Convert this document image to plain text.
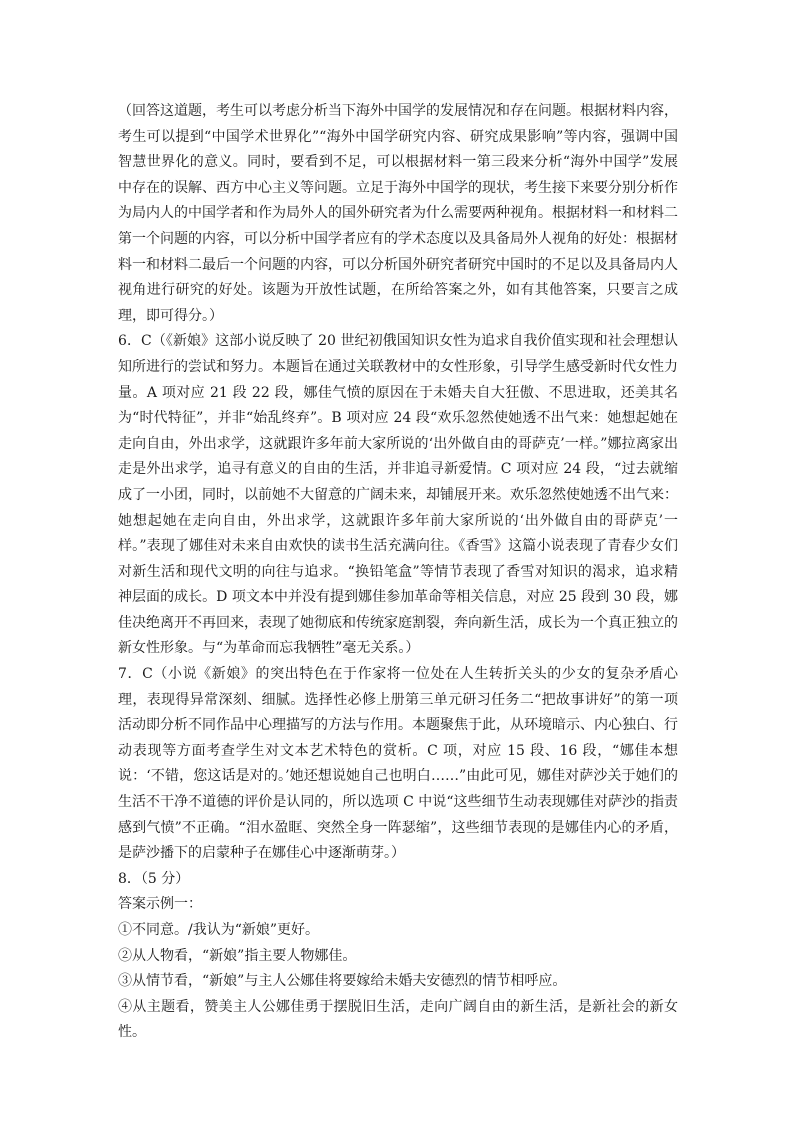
（回答这道题，考生可以考虑分析当下海外中国学的发展情况和存在问题。根据材料内容，考生可以提到“中国学术世界化”“海外中国学研究内容、研究成果影响”等内容，强调中国智慧世界化的意义。同时，要看到不足，可以根据材料一第三段来分析“海外中国学”发展中存在的误解、西方中心主义等问题。立足于海外中国学的现状，考生接下来要分别分析作为局内人的中国学者和作为局外人的国外研究者为什么需要两种视角。根据材料一和材料二第一个问题的内容，可以分析中国学者应有的学术态度以及具备局外人视角的好处：根据材料一和材料二最后一个问题的内容，可以分析国外研究者研究中国时的不足以及具备局内人视角进行研究的好处。该题为开放性试题，在所给答案之外，如有其他答案，只要言之成理，即可得分。）

6．C（《新娘》这部小说反映了 20 世纪初俄国知识女性为追求自我价值实现和社会理想认知所进行的尝试和努力。本题旨在通过关联教材中的女性形象，引导学生感受新时代女性力量。A 项对应 21 段 22 段，娜佳气愤的原因在于未婚夫自大狂傲、不思进取，还美其名为“时代特征”，并非“始乱终弃”。B 项对应 24 段“欢乐忽然使她透不出气来：她想起她在走向自由，外出求学，这就跟许多年前大家所说的‘出外做自由的哥萨克’一样。”娜拉离家出走是外出求学，追寻有意义的自由的生活，并非追寻新爱情。C 项对应 24 段，“过去就缩成了一小团，同时，以前她不大留意的广阔未来，却铺展开来。欢乐忽然使她透不出气来：她想起她在走向自由，外出求学，这就跟许多年前大家所说的‘出外做自由的哥萨克’一样。”表现了娜佳对未来自由欢快的读书生活充满向往。《香雪》这篇小说表现了青春少女们对新生活和现代文明的向往与追求。“换铅笔盒”等情节表现了香雪对知识的渴求，追求精神层面的成长。D 项文本中并没有提到娜佳参加革命等相关信息，对应 25 段到 30 段，娜佳决绝离开不再回来，表现了她彻底和传统家庭割裂，奔向新生活，成长为一个真正独立的新女性形象。与“为革命而忘我牺牲”毫无关系。）

7．C（小说《新娘》的突出特色在于作家将一位处在人生转折关头的少女的复杂矛盾心理，表现得异常深刻、细腻。选择性必修上册第三单元研习任务二“把故事讲好”的第一项活动即分析不同作品中心理描写的方法与作用。本题聚焦于此，从环境暗示、内心独白、行动表现等方面考查学生对文本艺术特色的赏析。C 项，对应 15 段、16 段，“娜佳本想说：‘不错，您这话是对的。’她还想说她自己也明白……”由此可见，娜佳对萨沙关于她们的生活不干净不道德的评价是认同的，所以选项 C 中说“这些细节生动表现娜佳对萨沙的指责感到气愤”不正确。“泪水盈眶、突然全身一阵瑟缩”，这些细节表现的是娜佳内心的矛盾，是萨沙播下的启蒙种子在娜佳心中逐渐萌芽。）

8．（5 分）

答案示例一：

①不同意。/我认为“新娘”更好。

②从人物看，“新娘”指主要人物娜佳。

③从情节看，“新娘”与主人公娜佳将要嫁给未婚夫安德烈的情节相呼应。

④从主题看，赞美主人公娜佳勇于摆脱旧生活，走向广阔自由的新生活，是新社会的新女性。
